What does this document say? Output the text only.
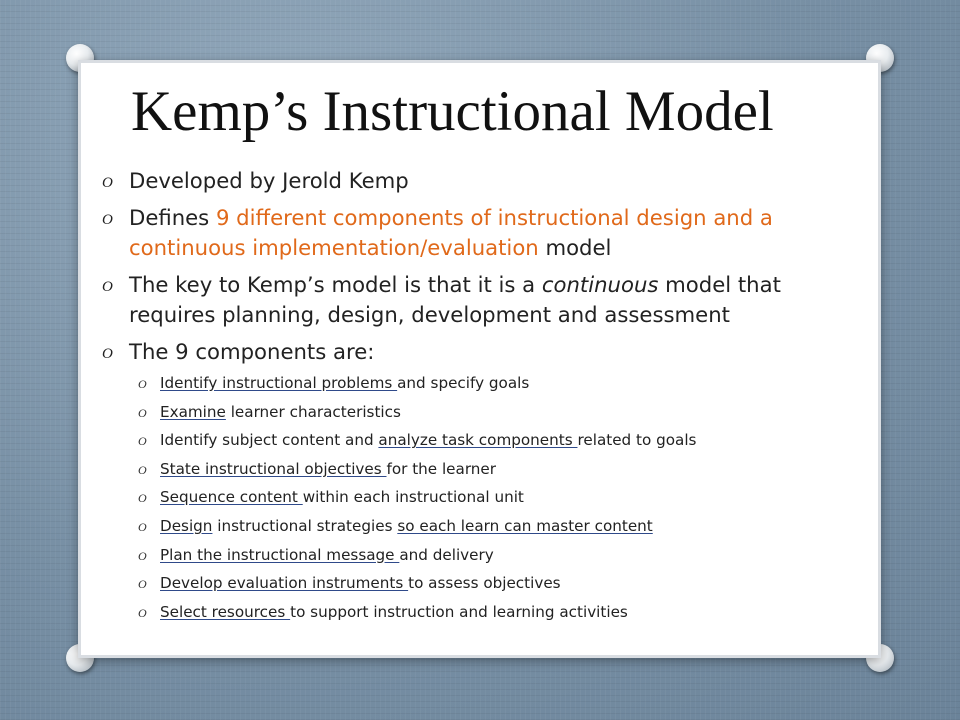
Kemp’s Instructional Model
O Developed by Jerold Kemp
O Defines 9 different components of instructional design and a continuous implementation/evaluation model
O The key to Kemp’s model is that it is a continuous model that requires planning, design, development and assessment
O The 9 components are:
O Identify instructional problems and specify goals
O Examine learner characteristics
O Identify subject content and analyze task components related to goals
O State instructional objectives for the learner
O Sequence content within each instructional unit
O Design instructional strategies so each learn can master content
O Plan the instructional message and delivery
O Develop evaluation instruments to assess objectives
O Select resources to support instruction and learning activities
